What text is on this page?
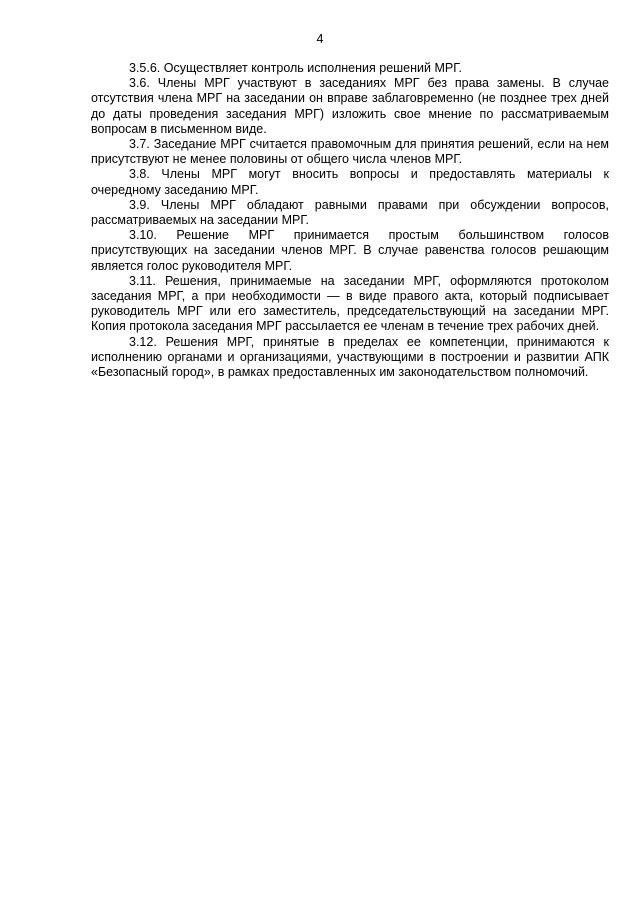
4

3.5.6. Осуществляет контроль исполнения решений МРГ.

3.6. Члены МРГ участвуют в заседаниях МРГ без права замены. В случае отсутствия члена МРГ на заседании он вправе заблаговременно (не позднее трех дней до даты проведения заседания МРГ) изложить свое мнение по рассматриваемым вопросам в письменном виде.

3.7. Заседание МРГ считается правомочным для принятия решений, если на нем присутствуют не менее половины от общего числа членов МРГ.

3.8. Члены МРГ могут вносить вопросы и предоставлять материалы к очередному заседанию МРГ.

3.9. Члены МРГ обладают равными правами при обсуждении вопросов, рассматриваемых на заседании МРГ.

3.10. Решение МРГ принимается простым большинством голосов присутствующих на заседании членов МРГ. В случае равенства голосов решающим является голос руководителя МРГ.

3.11. Решения, принимаемые на заседании МРГ, оформляются протоколом заседания МРГ, а при необходимости — в виде правого акта, который подписывает руководитель МРГ или его заместитель, председательствующий на заседании МРГ. Копия протокола заседания МРГ рассылается ее членам в течение трех рабочих дней.

3.12. Решения МРГ, принятые в пределах ее компетенции, принимаются к исполнению органами и организациями, участвующими в построении и развитии АПК «Безопасный город», в рамках предоставленных им законодательством полномочий.
